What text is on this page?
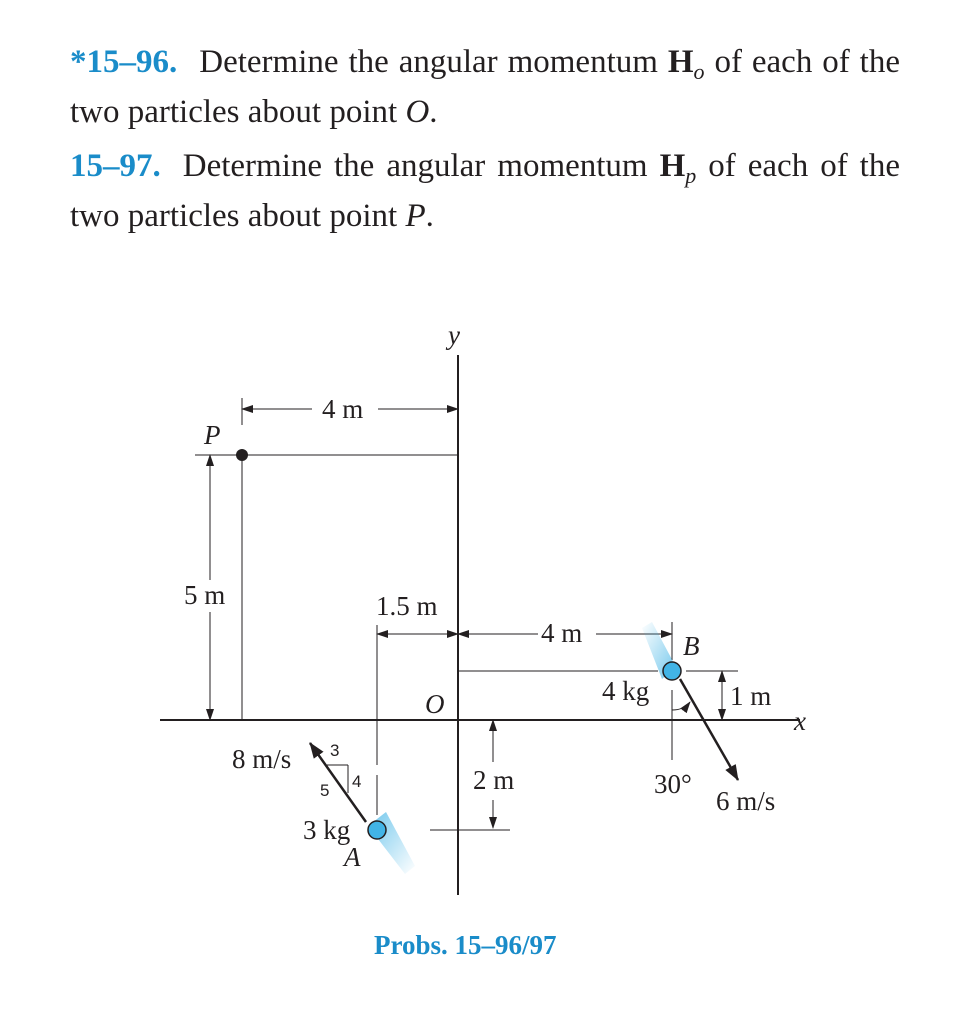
*15–96. Determine the angular momentum $H_o$ of each of the two particles about point O.
15–97. Determine the angular momentum $H_p$ of each of the two particles about point P.
y
x
O
P
4 m
5 m	1.5 m
4 m
1 m
2 m
3 kg
A
8 m/s 3
4
5
4 kg
B
6 m/s
30°
Probs. 15–96/97
